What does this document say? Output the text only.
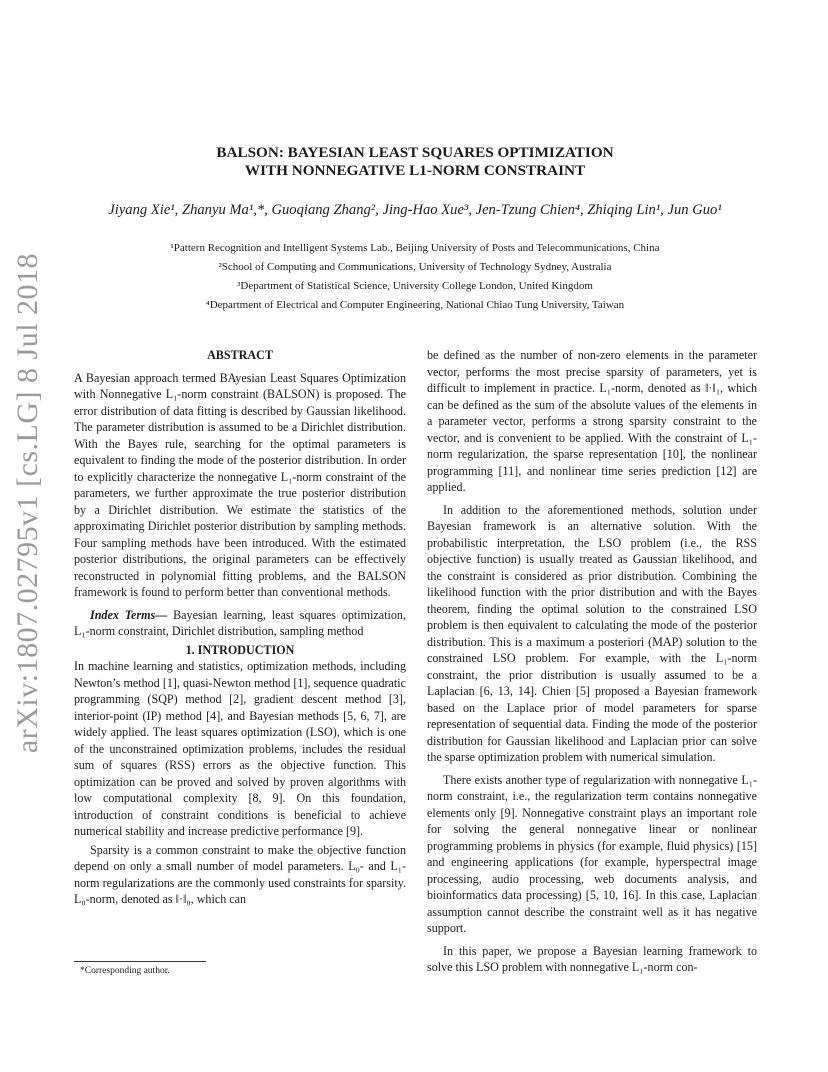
arXiv:1807.02795v1 [cs.LG] 8 Jul 2018
BALSON: BAYESIAN LEAST SQUARES OPTIMIZATION
WITH NONNEGATIVE L1-NORM CONSTRAINT
Jiyang Xie¹, Zhanyu Ma¹,*, Guoqiang Zhang², Jing-Hao Xue³, Jen-Tzung Chien⁴, Zhiqing Lin¹, Jun Guo¹
¹Pattern Recognition and Intelligent Systems Lab., Beijing University of Posts and Telecommunications, China
²School of Computing and Communications, University of Technology Sydney, Australia
³Department of Statistical Science, University College London, United Kingdom
⁴Department of Electrical and Computer Engineering, National Chiao Tung University, Taiwan

ABSTRACT

A Bayesian approach termed BAyesian Least Squares Optimization with Nonnegative L₁-norm constraint (BALSON) is proposed. The error distribution of data fitting is described by Gaussian likelihood. The parameter distribution is assumed to be a Dirichlet distribution. With the Bayes rule, searching for the optimal parameters is equivalent to finding the mode of the posterior distribution. In order to explicitly characterize the nonnegative L₁-norm constraint of the parameters, we further approximate the true posterior distribution by a Dirichlet distribution. We estimate the statistics of the approximating Dirichlet posterior distribution by sampling methods. Four sampling methods have been introduced. With the estimated posterior distributions, the original parameters can be effectively reconstructed in polynomial fitting problems, and the BALSON framework is found to perform better than conventional methods.

Index Terms— Bayesian learning, least squares optimization, L₁-norm constraint, Dirichlet distribution, sampling method

1. INTRODUCTION

In machine learning and statistics, optimization methods, including Newton’s method [1], quasi-Newton method [1], sequence quadratic programming (SQP) method [2], gradient descent method [3], interior-point (IP) method [4], and Bayesian methods [5, 6, 7], are widely applied. The least squares optimization (LSO), which is one of the unconstrained optimization problems, includes the residual sum of squares (RSS) errors as the objective function. This optimization can be proved and solved by proven algorithms with low computational complexity [8, 9]. On this foundation, introduction of constraint conditions is beneficial to achieve numerical stability and increase predictive performance [9].

Sparsity is a common constraint to make the objective function depend on only a small number of model parameters. L₀- and L₁-norm regularizations are the commonly used constraints for sparsity. L₀-norm, denoted as ‖·‖₀, which can

be defined as the number of non-zero elements in the parameter vector, performs the most precise sparsity of parameters, yet is difficult to implement in practice. L₁-norm, denoted as ‖·‖₁, which can be defined as the sum of the absolute values of the elements in a parameter vector, performs a strong sparsity constraint to the vector, and is convenient to be applied. With the constraint of L₁-norm regularization, the sparse representation [10], the nonlinear programming [11], and nonlinear time series prediction [12] are applied.

In addition to the aforementioned methods, solution under Bayesian framework is an alternative solution. With the probabilistic interpretation, the LSO problem (i.e., the RSS objective function) is usually treated as Gaussian likelihood, and the constraint is considered as prior distribution. Combining the likelihood function with the prior distribution and with the Bayes theorem, finding the optimal solution to the constrained LSO problem is then equivalent to calculating the mode of the posterior distribution. This is a maximum a posteriori (MAP) solution to the constrained LSO problem. For example, with the L₁-norm constraint, the prior distribution is usually assumed to be a Laplacian [6, 13, 14]. Chien [5] proposed a Bayesian framework based on the Laplace prior of model parameters for sparse representation of sequential data. Finding the mode of the posterior distribution for Gaussian likelihood and Laplacian prior can solve the sparse optimization problem with numerical simulation.

There exists another type of regularization with nonnegative L₁-norm constraint, i.e., the regularization term contains nonnegative elements only [9]. Nonnegative constraint plays an important role for solving the general nonnegative linear or nonlinear programming problems in physics (for example, fluid physics) [15] and engineering applications (for example, hyperspectral image processing, audio processing, web documents analysis, and bioinformatics data processing) [5, 10, 16]. In this case, Laplacian assumption cannot describe the constraint well as it has negative support.

In this paper, we propose a Bayesian learning framework to solve this LSO problem with nonnegative L₁-norm con-

*Corresponding author.
